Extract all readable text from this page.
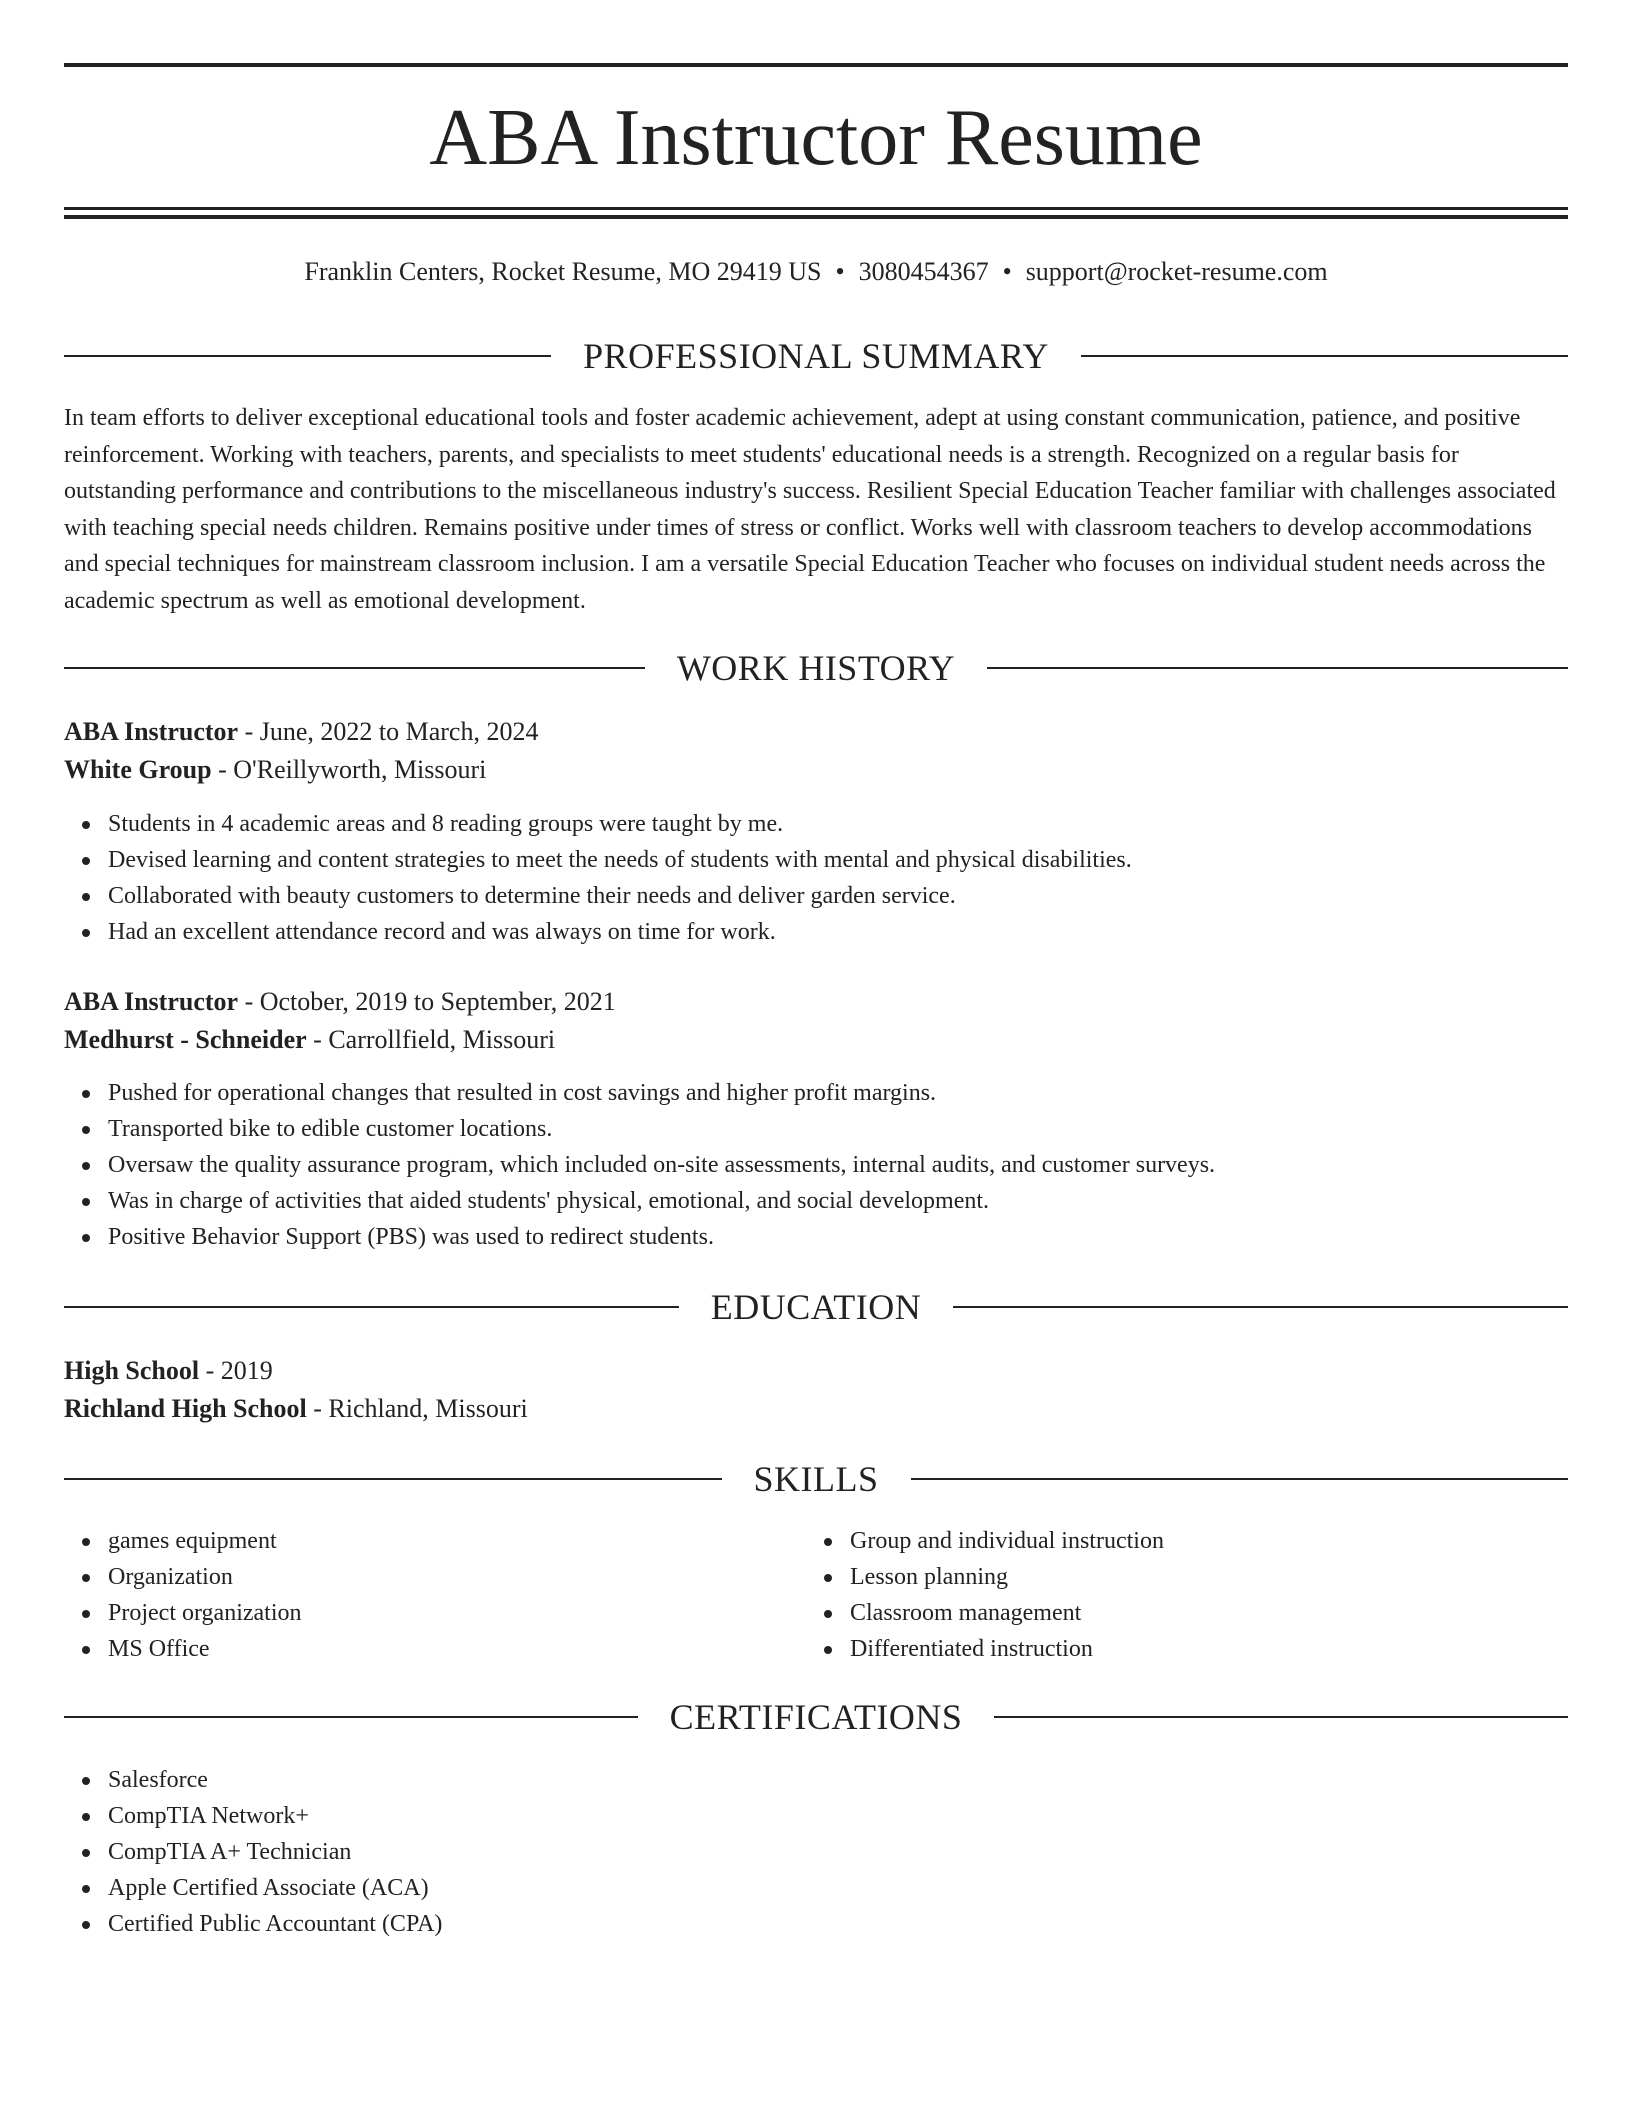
ABA Instructor Resume
Franklin Centers, Rocket Resume, MO 29419 US • 3080454367 • support@rocket-resume.com
PROFESSIONAL SUMMARY

In team efforts to deliver exceptional educational tools and foster academic achievement, adept at using constant communication, patience, and positive reinforcement. Working with teachers, parents, and specialists to meet students' educational needs is a strength. Recognized on a regular basis for outstanding performance and contributions to the miscellaneous industry's success. Resilient Special Education Teacher familiar with challenges associated with teaching special needs children. Remains positive under times of stress or conflict. Works well with classroom teachers to develop accommodations and special techniques for mainstream classroom inclusion. I am a versatile Special Education Teacher who focuses on individual student needs across the academic spectrum as well as emotional development.

WORK HISTORY
ABA Instructor - June, 2022 to March, 2024
White Group - O'Reillyworth, Missouri
Students in 4 academic areas and 8 reading groups were taught by me.
Devised learning and content strategies to meet the needs of students with mental and physical disabilities.
Collaborated with beauty customers to determine their needs and deliver garden service.
Had an excellent attendance record and was always on time for work.
ABA Instructor - October, 2019 to September, 2021
Medhurst - Schneider - Carrollfield, Missouri
Pushed for operational changes that resulted in cost savings and higher profit margins.
Transported bike to edible customer locations.
Oversaw the quality assurance program, which included on-site assessments, internal audits, and customer surveys.
Was in charge of activities that aided students' physical, emotional, and social development.
Positive Behavior Support (PBS) was used to redirect students.
EDUCATION
High School - 2019
Richland High School - Richland, Missouri
SKILLS
games equipment
Organization
Project organization
MS Office
Group and individual instruction
Lesson planning
Classroom management
Differentiated instruction
CERTIFICATIONS
Salesforce
CompTIA Network+
CompTIA A+ Technician
Apple Certified Associate (ACA)
Certified Public Accountant (CPA)
